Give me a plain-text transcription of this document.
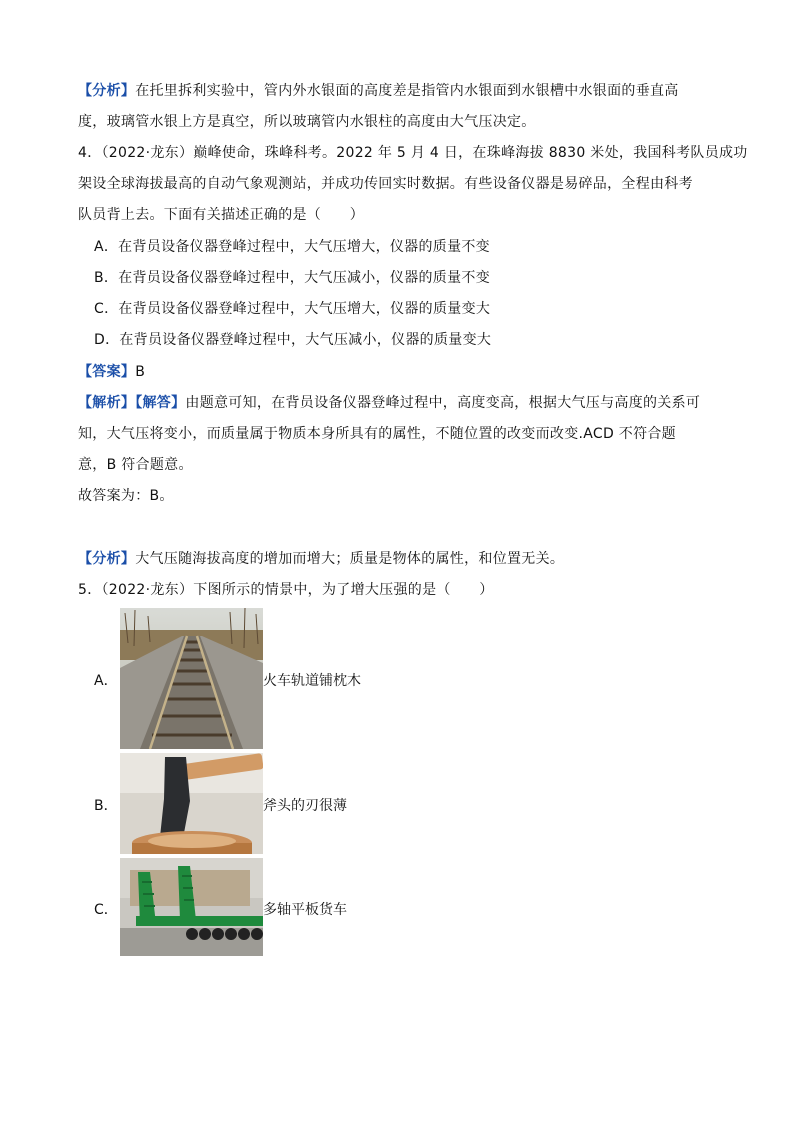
【分析】在托里拆利实验中，管内外水银面的高度差是指管内水银面到水银槽中水银面的垂直高
度，玻璃管水银上方是真空，所以玻璃管内水银柱的高度由大气压决定。
4．（2022·龙东）巅峰使命，珠峰科考。2022 年 5 月 4 日，在珠峰海拔 8830 米处，我国科考队员成功
架设全球海拔最高的自动气象观测站，并成功传回实时数据。有些设备仪器是易碎品，全程由科考
队员背上去。下面有关描述正确的是（　　）
A．在背员设备仪器登峰过程中，大气压增大，仪器的质量不变
B．在背员设备仪器登峰过程中，大气压减小，仪器的质量不变
C．在背员设备仪器登峰过程中，大气压增大，仪器的质量变大
D．在背员设备仪器登峰过程中，大气压减小，仪器的质量变大
【答案】B
【解析】【解答】由题意可知，在背员设备仪器登峰过程中，高度变高，根据大气压与高度的关系可
知，大气压将变小，而质量属于物质本身所具有的属性，不随位置的改变而改变.ACD 不符合题
意，B 符合题意。
故答案为：B。
【分析】大气压随海拔高度的增加而增大；质量是物体的属性，和位置无关。
5．（2022·龙东）下图所示的情景中，为了增大压强的是（　　）
A．	火车轨道铺枕木
B．	斧头的刃很薄
C．	多轴平板货车
